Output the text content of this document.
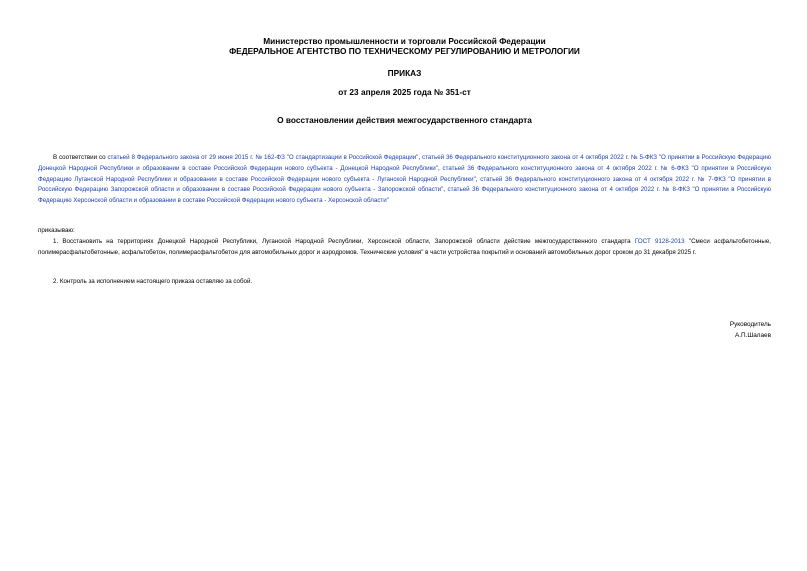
Министерство промышленности и торговли Российской Федерации
ФЕДЕРАЛЬНОЕ АГЕНТСТВО ПО ТЕХНИЧЕСКОМУ РЕГУЛИРОВАНИЮ И МЕТРОЛОГИИ
ПРИКАЗ
от 23 апреля 2025 года № 351-ст
О восстановлении действия межгосударственного стандарта

В соответствии со статьей 8 Федерального закона от 29 июня 2015 г. № 162-ФЗ "О стандартизации в Российской Федерации", статьей 36 Федерального конституционного закона от 4 октября 2022 г. № 5-ФКЗ "О принятии в Российскую Федерацию Донецкой Народной Республики и образовании в составе Российской Федерации нового субъекта - Донецкой Народной Республики", статьей 36 Федерального конституционного закона от 4 октября 2022 г. № 6-ФКЗ "О принятии в Российскую Федерацию Луганской Народной Республики и образовании в составе Российской Федерации нового субъекта - Луганской Народной Республики", статьей 36 Федерального конституционного закона от 4 октября 2022 г. № 7-ФКЗ "О принятии в Российскую Федерацию Запорожской области и образовании в составе Российской Федерации нового субъекта - Запорожской области", статьей 36 Федерального конституционного закона от 4 октября 2022 г. № 8-ФКЗ "О принятии в Российскую Федерацию Херсонской области и образовании в составе Российской Федерации нового субъекта - Херсонской области"

приказываю:

1. Восстановить на территориях Донецкой Народной Республики, Луганской Народной Республики, Херсонской области, Запорожской области действие межгосударственного стандарта ГОСТ 9128-2013 "Смеси асфальтобетонные, полимерасфальтобетонные, асфальтобетон, полимерасфальтобетон для автомобильных дорог и аэродромов. Технические условия" в части устройства покрытий и оснований автомобильных дорог сроком до 31 декабря 2025 г.

2. Контроль за исполнением настоящего приказа оставляю за собой.

Руководитель
А.П.Шалаев
